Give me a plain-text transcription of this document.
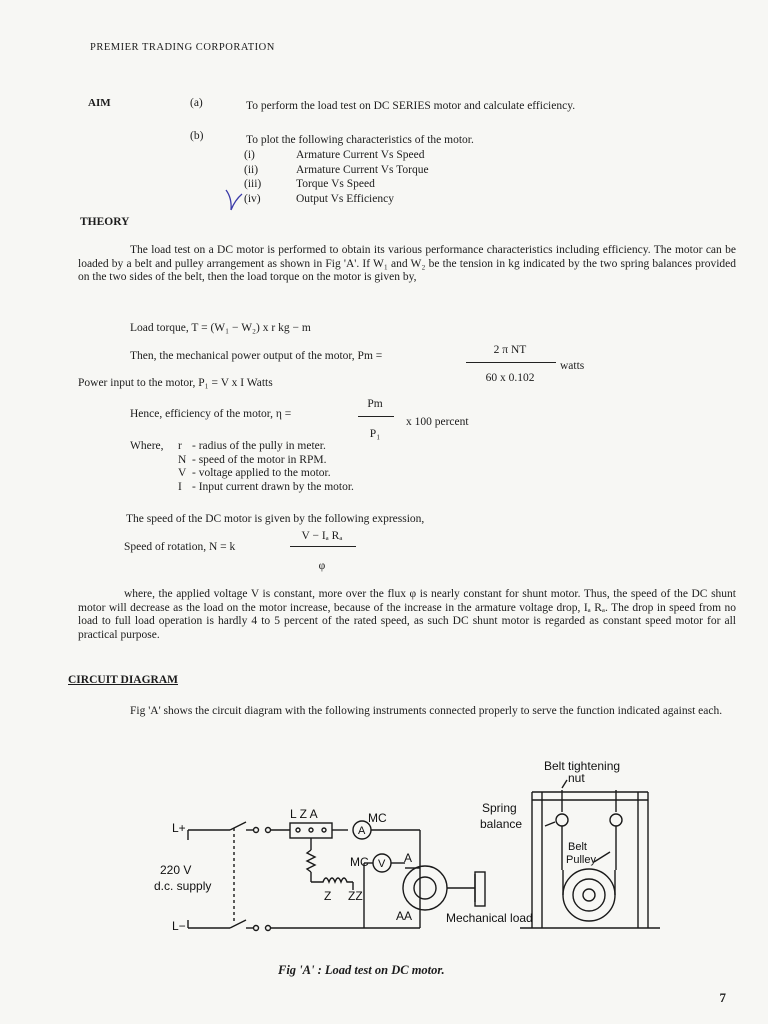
PREMIER TRADING CORPORATION
AIM	(a)	To perform the load test on DC SERIES motor and calculate efficiency.
(b)	To plot the following characteristics of the motor.
(i)	Armature Current Vs Speed
(ii)	Armature Current Vs Torque
(iii)	Torque Vs Speed
(iv)	Output Vs Efficiency
THEORY

The load test on a DC motor is performed to obtain its various performance characteristics including efficiency. The motor can be loaded by a belt and pulley arrangement as shown in Fig 'A'. If W₁ and W₂ be the tension in kg indicated by the two spring balances provided on the two sides of the belt, then the load torque on the motor is given by,

Load torque, T = (W₁ − W₂) x r kg − m
Then, the mechanical power output of the motor, Pm =	2 π NT
60 x 0.102
watts
Power input to the motor, P₁ = V x I Watts
Hence, efficiency of the motor, η =
Pm
P₁
x 100 percent
Where, r - radius of the pully in meter.
N - speed of the motor in RPM.
V - voltage applied to the motor.
I - Input current drawn by the motor.
The speed of the DC motor is given by the following expression,
Speed of rotation, N = k
V − Iₐ Rₐ
φ

where, the applied voltage V is constant, more over the flux φ is nearly constant for shunt motor. Thus, the speed of the DC shunt motor will decrease as the load on the motor increase, because of the increase in the armature voltage drop, Iₐ Rₐ. The drop in speed from no load to full load operation is hardly 4 to 5 percent of the rated speed, as such DC shunt motor is regarded as constant speed motor for all practical purpose.

CIRCUIT DIAGRAM

Fig 'A' shows the circuit diagram with the following instruments connected properly to serve the function indicated against each.

L+
L−
220 V
d.c. supply
L Z A	MC
A
MC V
Z ZZ
A
AA	Mechanical load
Belt tightening
nut
Spring
balance
Belt
Pulley
Fig 'A' : Load test on DC motor.
7
